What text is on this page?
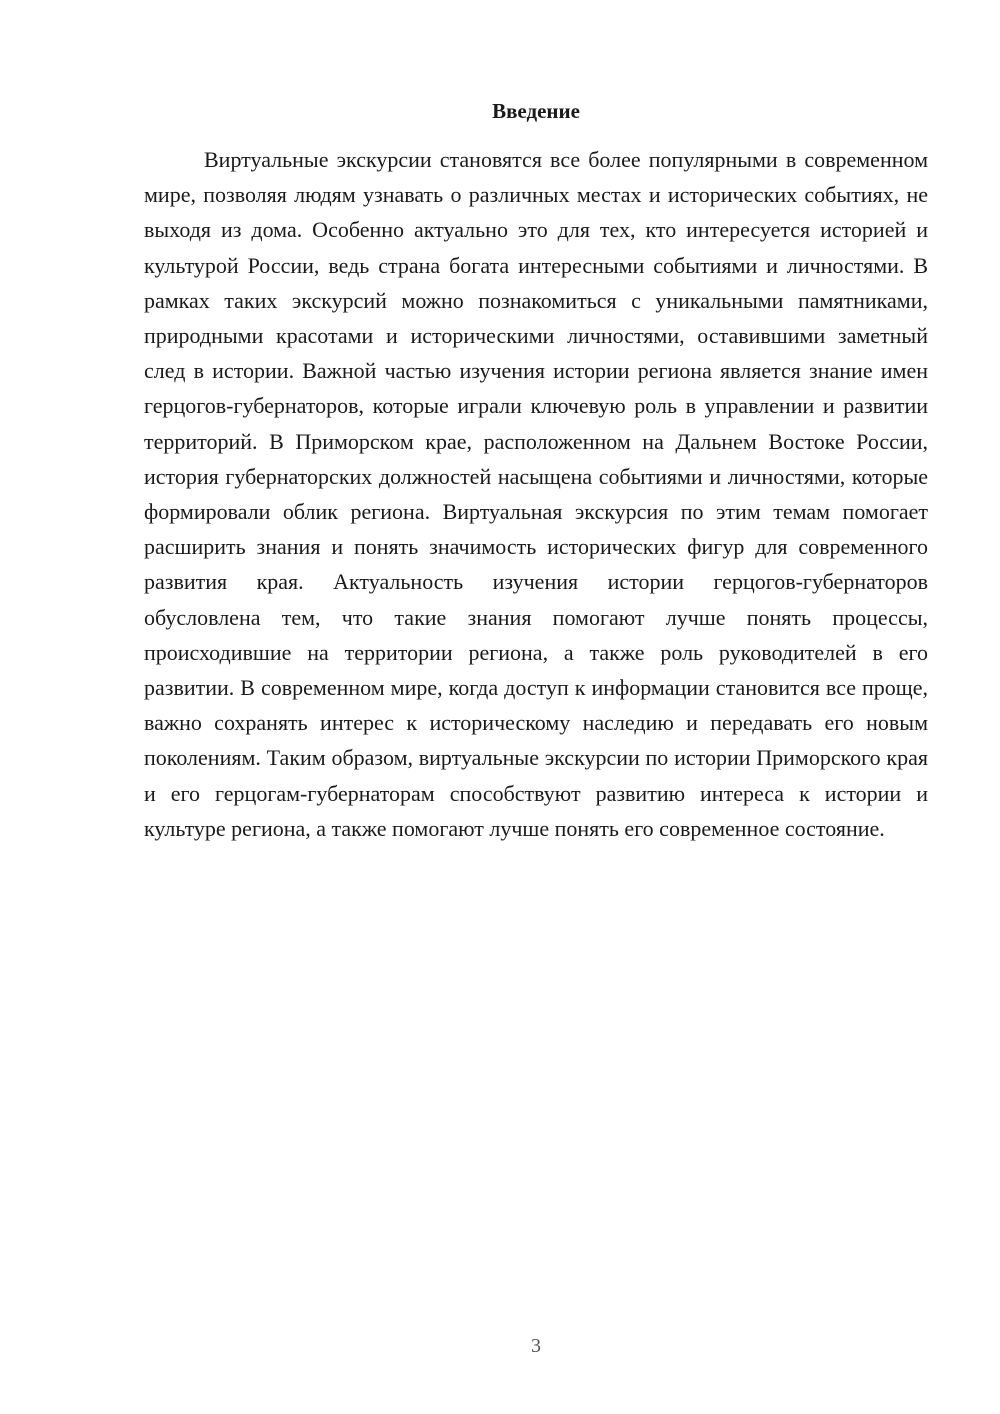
Введение

Виртуальные экскурсии становятся все более популярными в современном мире, позволяя людям узнавать о различных местах и исторических событиях, не выходя из дома. Особенно актуально это для тех, кто интересуется историей и культурой России, ведь страна богата интересными событиями и личностями. В рамках таких экскурсий можно познакомиться с уникальными памятниками, природными красотами и историческими личностями, оставившими заметный след в истории. Важной частью изучения истории региона является знание имен герцогов-губернаторов, которые играли ключевую роль в управлении и развитии территорий. В Приморском крае, расположенном на Дальнем Востоке России, история губернаторских должностей насыщена событиями и личностями, которые формировали облик региона. Виртуальная экскурсия по этим темам помогает расширить знания и понять значимость исторических фигур для современного развития края. Актуальность изучения истории герцогов-губернаторов обусловлена тем, что такие знания помогают лучше понять процессы, происходившие на территории региона, а также роль руководителей в его развитии. В современном мире, когда доступ к информации становится все проще, важно сохранять интерес к историческому наследию и передавать его новым поколениям. Таким образом, виртуальные экскурсии по истории Приморского края и его герцогам-губернаторам способствуют развитию интереса к истории и культуре региона, а также помогают лучше понять его современное состояние.

3
